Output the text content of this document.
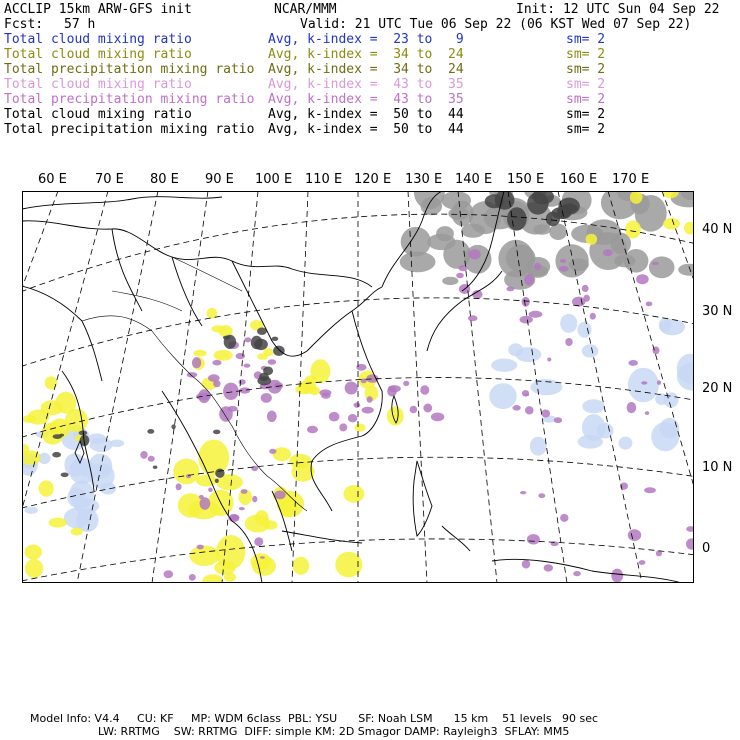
ACCLIP 15km ARW-GFS init	NCAR/MMM	Init: 12 UTC Sun 04 Sep 22
Fcst: 57 h	Valid: 21 UTC Tue 06 Sep 22 (06 KST Wed 07 Sep 22)
Total cloud mixing ratio	Avg, k-index =  23 to   9	sm= 2
Total cloud mixing ratio	Avg, k-index =  34 to  24	sm= 2
Total precipitation mixing ratio Avg, k-index =  34 to  24	sm= 2
Total cloud mixing ratio	Avg, k-index =  43 to  35	sm= 2
Total precipitation mixing ratio Avg, k-index =  43 to  35	sm= 2
Total cloud mixing ratio	Avg, k-index =  50 to  44	sm= 2
Total precipitation mixing ratio Avg, k-index =  50 to  44	sm= 2
60 E 70 E 80 E 90 E 100 E 110 E 120 E 130 E 140 E 150 E 160 E 170 E
40 N
30 N
20 N
10 N
0
Model Info: V4.4     CU: KF     MP: WDM 6class  PBL: YSU      SF: Noah LSM      15 km    51 levels   90 sec
LW: RRTMG    SW: RRTMG  DIFF: simple KM: 2D Smagor DAMP: Rayleigh3  SFLAY: MM5
